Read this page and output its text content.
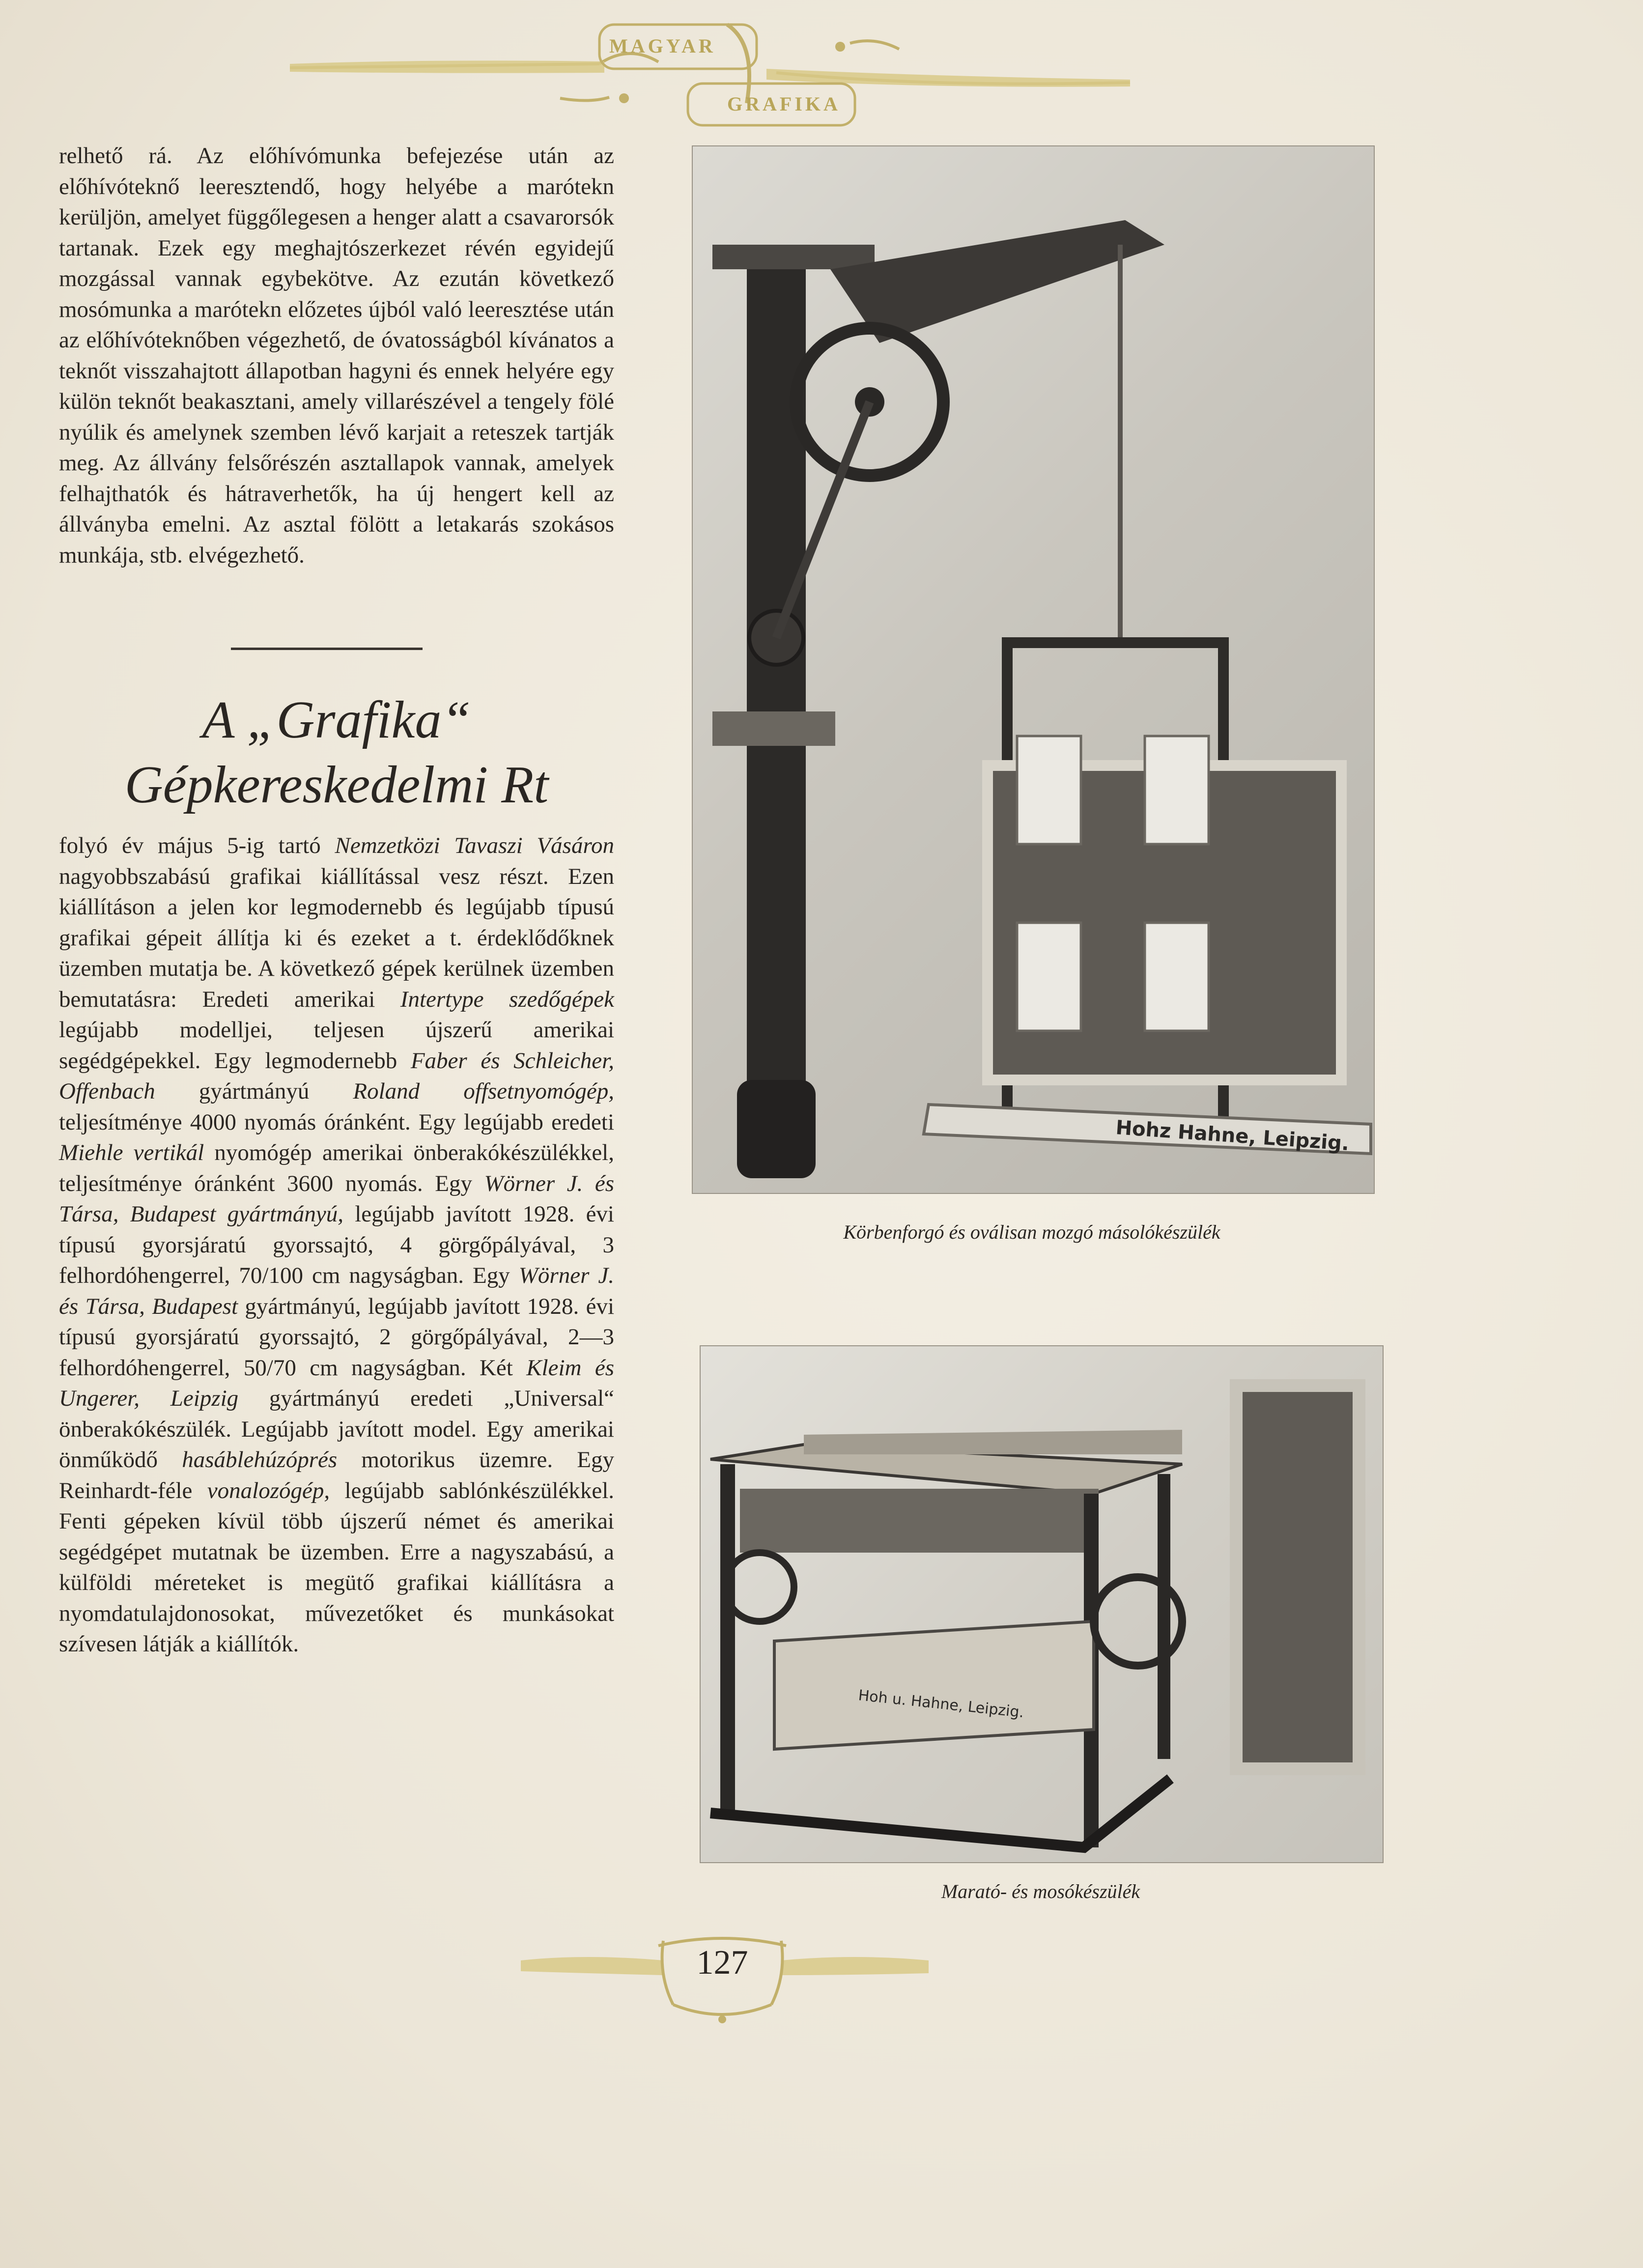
MAGYAR
GRAFIKA

relhető rá. Az előhívómunka befejezése után az előhívóteknő leeresztendő, hogy helyébe a marótekn kerüljön, amelyet függőlegesen a henger alatt a csavarorsók tartanak. Ezek egy meghajtószerkezet révén egyidejű mozgással vannak egybekötve. Az ezután következő mosómunka a marótekn előzetes újból való leeresztése után az előhívóteknőben végezhető, de óvatosságból kívánatos a teknőt visszahajtott állapotban hagyni és ennek helyére egy külön teknőt beakasztani, amely villarészével a tengely fölé nyúlik és amelynek szemben lévő karjait a reteszek tartják meg. Az állvány felsőrészén asztallapok vannak, amelyek felhajthatók és hátraverhetők, ha új hengert kell az állványba emelni. Az asztal fölött a letakarás szokásos munkája, stb. elvégezhető.

A „Grafika“
Gépkereskedelmi Rt

folyó év május 5-ig tartó Nemzetközi Tavaszi Vásáron nagyobbszabású grafikai kiállítással vesz részt. Ezen kiállításon a jelen kor legmodernebb és legújabb típusú grafikai gépeit állítja ki és ezeket a t. érdeklődőknek üzemben mutatja be. A következő gépek kerülnek üzemben bemutatásra: Eredeti amerikai Intertype szedőgépek legújabb modelljei, teljesen újszerű amerikai segédgépekkel. Egy legmodernebb Faber és Schleicher, Offenbach gyártmányú Roland offsetnyomógép, teljesítménye 4000 nyomás óránként. Egy legújabb eredeti Miehle vertikál nyomógép amerikai önberakókészülékkel, teljesítménye óránként 3600 nyomás. Egy Wörner J. és Társa, Budapest gyártmányú, legújabb javított 1928. évi típusú gyorsjáratú gyorssajtó, 4 görgőpályával, 3 felhordóhengerrel, 70/100 cm nagyságban. Egy Wörner J. és Társa, Budapest gyártmányú, legújabb javított 1928. évi típusú gyorsjáratú gyorssajtó, 2 görgőpályával, 2—3 felhordóhengerrel, 50/70 cm nagyságban. Két Kleim és Ungerer, Leipzig gyártmányú eredeti „Universal“ önberakókészülék. Legújabb javított model. Egy amerikai önműködő hasáblehúzóprés motorikus üzemre. Egy Reinhardt-féle vonalozógép, legújabb sablónkészülékkel. Fenti gépeken kívül több újszerű német és amerikai segédgépet mutatnak be üzemben. Erre a nagyszabású, a külföldi méreteket is megütő grafikai kiállításra a nyomdatulajdonosokat, művezetőket és munkásokat szívesen látják a kiállítók.

Hohz Hahne, Leipzig.
Körbenforgó és oválisan mozgó másolókészülék
Hoh u. Hahne, Leipzig.
Marató- és mosókészülék
127
